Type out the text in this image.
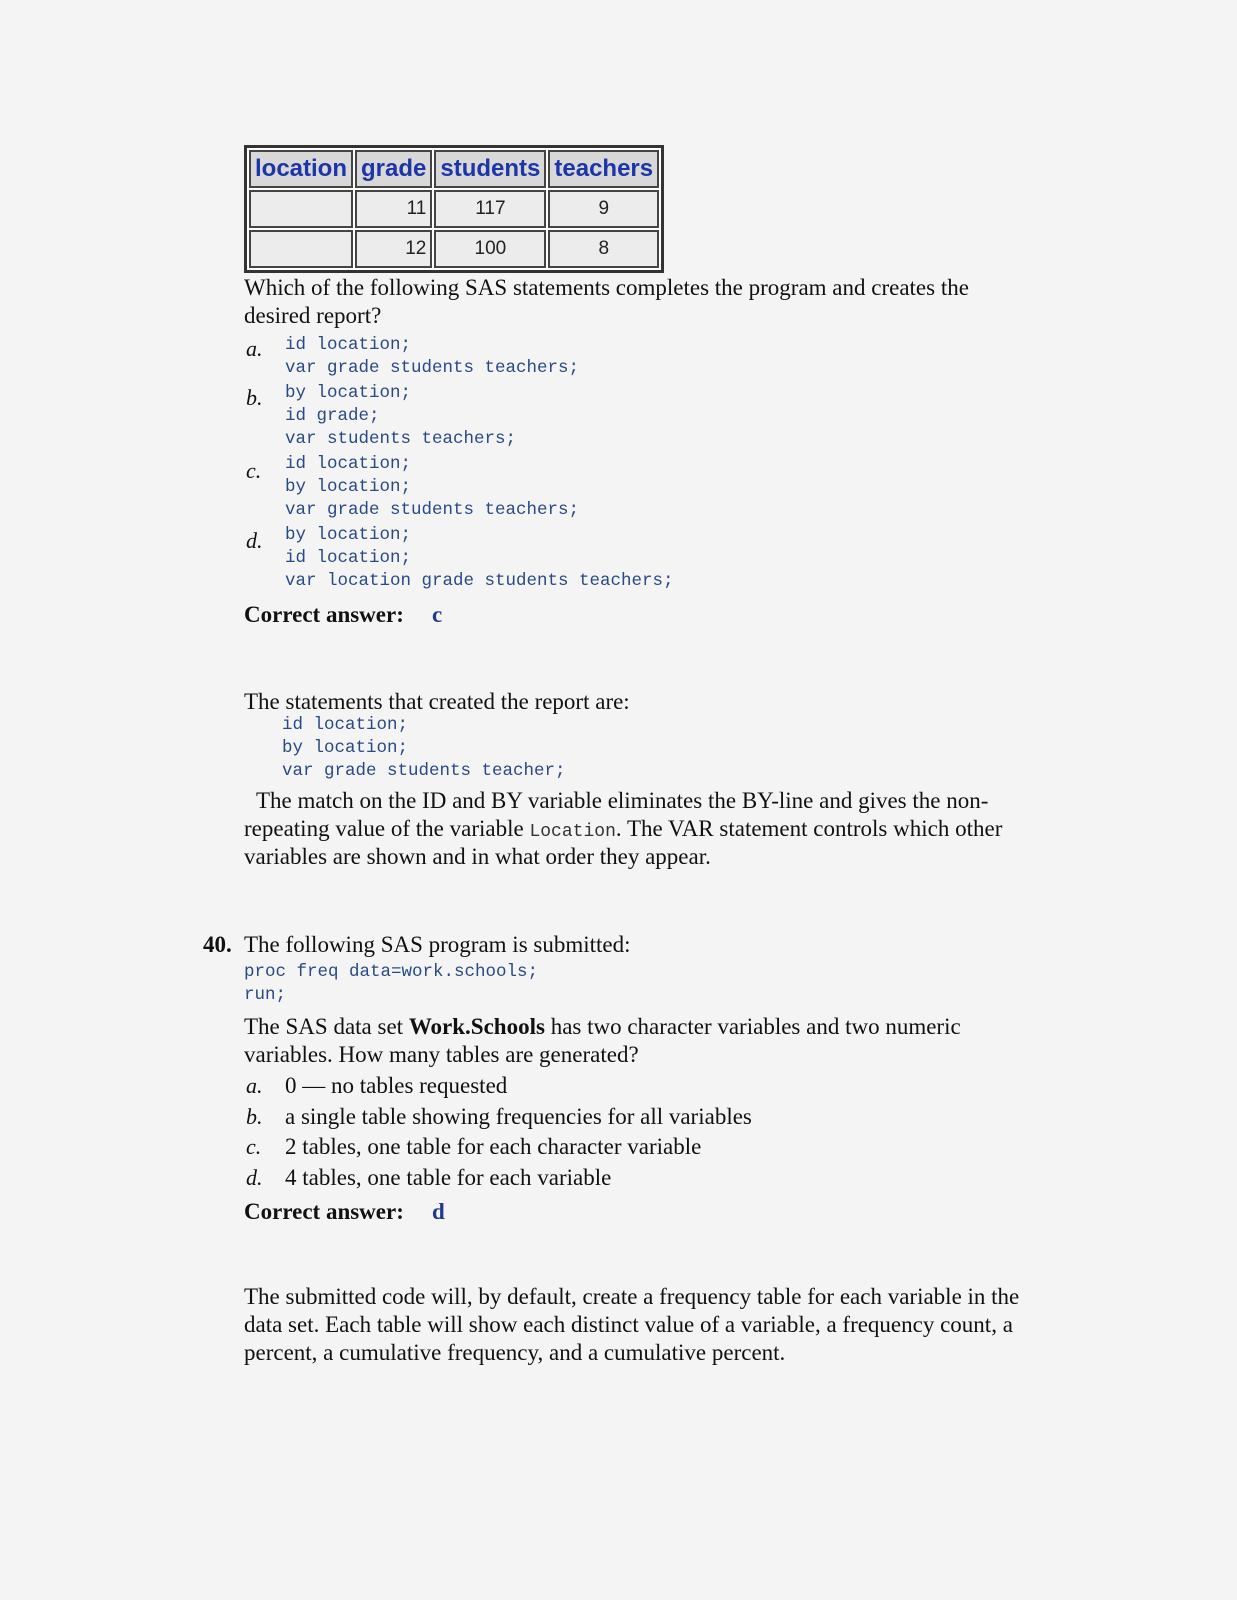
location	grade	students	teachers
	11	117	9
	12	100	8
Which of the following SAS statements completes the program and creates the
desired report?
a. id location;
var grade students teachers;
b. by location;
id grade;
var students teachers;
c. id location;
by location;
var grade students teachers;
d. by location;
id location;
var location grade students teachers;
Correct answer: c
The statements that created the report are:
id location;
by location;
var grade students teacher;
The match on the ID and BY variable eliminates the BY-line and gives the non-
repeating value of the variable Location. The VAR statement controls which other
variables are shown and in what order they appear.
40. The following SAS program is submitted:
proc freq data=work.schools;
run;
The SAS data set Work.Schools has two character variables and two numeric
variables. How many tables are generated?
a. 0 — no tables requested
b. a single table showing frequencies for all variables
c. 2 tables, one table for each character variable
d. 4 tables, one table for each variable
Correct answer: d
The submitted code will, by default, create a frequency table for each variable in the
data set. Each table will show each distinct value of a variable, a frequency count, a
percent, a cumulative frequency, and a cumulative percent.
